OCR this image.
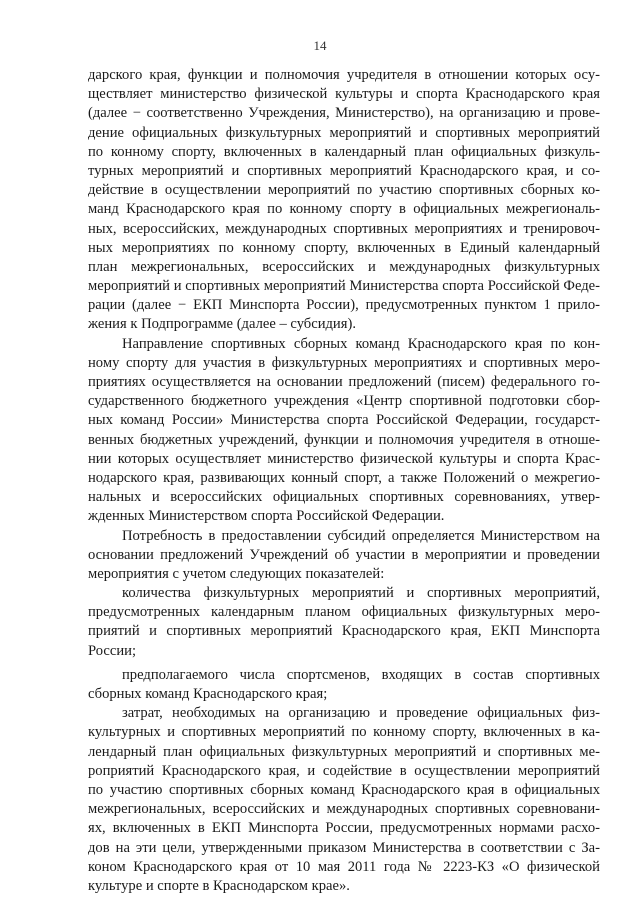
14
дарского края, функции и полномочия учредителя в отношении которых осу-
ществляет министерство физической культуры и спорта Краснодарского края
(далее − соответственно Учреждения, Министерство), на организацию и прове-
дение официальных физкультурных мероприятий и спортивных мероприятий
по конному спорту, включенных в календарный план официальных физкуль-
турных мероприятий и спортивных мероприятий Краснодарского края, и со-
действие в осуществлении мероприятий по участию спортивных сборных ко-
манд Краснодарского края по конному спорту в официальных межрегиональ-
ных, всероссийских, международных спортивных мероприятиях и тренировоч-
ных мероприятиях по конному спорту, включенных в Единый календарный
план межрегиональных, всероссийских и международных физкультурных
мероприятий и спортивных мероприятий Министерства спорта Российской Феде-
рации (далее − ЕКП Минспорта России), предусмотренных пунктом 1 прило-
жения к Подпрограмме (далее – субсидия).
Направление спортивных сборных команд Краснодарского края по кон-
ному спорту для участия в физкультурных мероприятиях и спортивных меро-
приятиях осуществляется на основании предложений (писем) федерального го-
сударственного бюджетного учреждения «Центр спортивной подготовки сбор-
ных команд России» Министерства спорта Российской Федерации, государст-
венных бюджетных учреждений, функции и полномочия учредителя в отноше-
нии которых осуществляет министерство физической культуры и спорта Крас-
нодарского края, развивающих конный спорт, а также Положений о межрегио-
нальных и всероссийских официальных спортивных соревнованиях, утвер-
жденных Министерством спорта Российской Федерации.
Потребность в предоставлении субсидий определяется Министерством на
основании предложений Учреждений об участии в мероприятии и проведении
мероприятия с учетом следующих показателей:
количества физкультурных мероприятий и спортивных мероприятий,
предусмотренных календарным планом официальных физкультурных меро-
приятий и спортивных мероприятий Краснодарского края, ЕКП Минспорта
России;
предполагаемого числа спортсменов, входящих в состав спортивных
сборных команд Краснодарского края;
затрат, необходимых на организацию и проведение официальных физ-
культурных и спортивных мероприятий по конному спорту, включенных в ка-
лендарный план официальных физкультурных мероприятий и спортивных ме-
роприятий Краснодарского края, и содействие в осуществлении мероприятий
по участию спортивных сборных команд Краснодарского края в официальных
межрегиональных, всероссийских и международных спортивных соревновани-
ях, включенных в ЕКП Минспорта России, предусмотренных нормами расхо-
дов на эти цели, утвержденными приказом Министерства в соответствии с За-
коном Краснодарского края от 10 мая 2011 года № 2223-КЗ «О физической
культуре и спорте в Краснодарском крае».
